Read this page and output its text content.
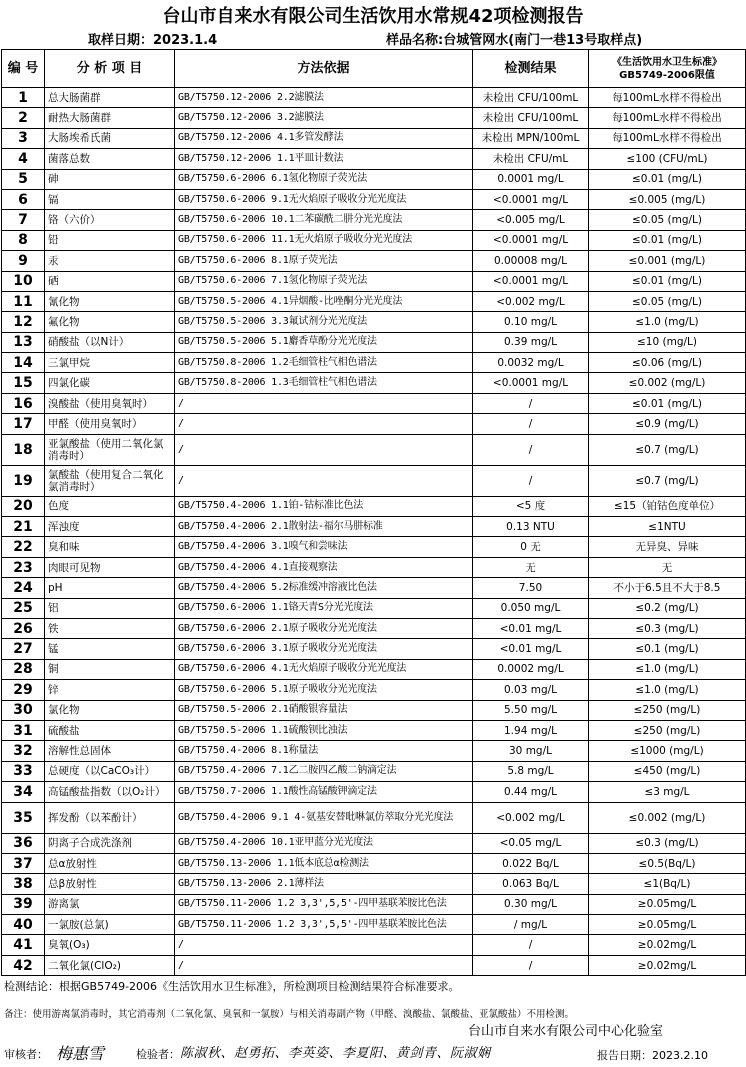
台山市自来水有限公司生活饮用水常规42项检测报告
取样日期：2023.1.4	样品名称:台城管网水(南门一巷13号取样点)
编 号	分 析 项 目	方法依据	检测结果	《生活饮用水卫生标准》GB5749-2006限值
1	总大肠菌群	GB/T5750.12-2006 2.2滤膜法	未检出 CFU/100mL	每100mL水样不得检出
2	耐热大肠菌群	GB/T5750.12-2006 3.2滤膜法	未检出 CFU/100mL	每100mL水样不得检出
3	大肠埃希氏菌	GB/T5750.12-2006 4.1多管发酵法	未检出 MPN/100mL	每100mL水样不得检出
4	菌落总数	GB/T5750.12-2006 1.1平皿计数法	未检出 CFU/mL	≤100 (CFU/mL)
5	砷	GB/T5750.6-2006 6.1氢化物原子荧光法	0.0001 mg/L	≤0.01 (mg/L)
6	镉	GB/T5750.6-2006 9.1无火焰原子吸收分光光度法	<0.0001 mg/L	≤0.005 (mg/L)
7	铬（六价）	GB/T5750.6-2006 10.1二苯碳酰二肼分光光度法	<0.005 mg/L	≤0.05 (mg/L)
8	铅	GB/T5750.6-2006 11.1无火焰原子吸收分光光度法	<0.0001 mg/L	≤0.01 (mg/L)
9	汞	GB/T5750.6-2006 8.1原子荧光法	0.00008 mg/L	≤0.001 (mg/L)
10	硒	GB/T5750.6-2006 7.1氢化物原子荧光法	<0.0001 mg/L	≤0.01 (mg/L)
11	氰化物	GB/T5750.5-2006 4.1异烟酸-比唑酮分光光度法	<0.002 mg/L	≤0.05 (mg/L)
12	氟化物	GB/T5750.5-2006 3.3氟试剂分光光度法	0.10 mg/L	≤1.0 (mg/L)
13	硝酸盐（以N计）	GB/T5750.5-2006 5.1麝香草酚分光光度法	0.39 mg/L	≤10 (mg/L)
14	三氯甲烷	GB/T5750.8-2006 1.2毛细管柱气相色谱法	0.0032 mg/L	≤0.06 (mg/L)
15	四氯化碳	GB/T5750.8-2006 1.3毛细管柱气相色谱法	<0.0001 mg/L	≤0.002 (mg/L)
16	溴酸盐（使用臭氧时）	/	/	≤0.01 (mg/L)
17	甲醛（使用臭氧时）	/	/	≤0.9 (mg/L)
18	亚氯酸盐（使用二氧化氯消毒时）	/	/	≤0.7 (mg/L)
19	氯酸盐（使用复合二氧化氯消毒时）	/	/	≤0.7 (mg/L)
20	色度	GB/T5750.4-2006 1.1铂-钴标准比色法	<5 度	≤15（铂钴色度单位）
21	浑浊度	GB/T5750.4-2006 2.1散射法-福尔马肼标准	0.13 NTU	≤1NTU
22	臭和味	GB/T5750.4-2006 3.1嗅气和尝味法	0 无	无异臭、异味
23	肉眼可见物	GB/T5750.4-2006 4.1直接观察法	无	无
24	pH	GB/T5750.4-2006 5.2标准缓冲溶液比色法	7.50	不小于6.5且不大于8.5
25	铝	GB/T5750.6-2006 1.1铬天青S分光光度法	0.050 mg/L	≤0.2 (mg/L)
26	铁	GB/T5750.6-2006 2.1原子吸收分光光度法	<0.01 mg/L	≤0.3 (mg/L)
27	锰	GB/T5750.6-2006 3.1原子吸收分光光度法	<0.01 mg/L	≤0.1 (mg/L)
28	铜	GB/T5750.6-2006 4.1无火焰原子吸收分光光度法	0.0002 mg/L	≤1.0 (mg/L)
29	锌	GB/T5750.6-2006 5.1原子吸收分光光度法	0.03 mg/L	≤1.0 (mg/L)
30	氯化物	GB/T5750.5-2006 2.1硝酸银容量法	5.50 mg/L	≤250 (mg/L)
31	硫酸盐	GB/T5750.5-2006 1.1硫酸钡比浊法	1.94 mg/L	≤250 (mg/L)
32	溶解性总固体	GB/T5750.4-2006 8.1称量法	30 mg/L	≤1000 (mg/L)
33	总硬度（以CaCO₃计）	GB/T5750.4-2006 7.1乙二胺四乙酸二钠滴定法	5.8 mg/L	≤450 (mg/L)
34	高锰酸盐指数（以O₂计）	GB/T5750.7-2006 1.1酸性高锰酸钾滴定法	0.44 mg/L	≤3 mg/L
35	挥发酚（以苯酚计）	GB/T5750.4-2006 9.1 4-氨基安替吡啉氯仿萃取分光光度法	<0.002 mg/L	≤0.002 (mg/L)
36	阴离子合成洗涤剂	GB/T5750.4-2006 10.1亚甲蓝分光光度法	<0.05 mg/L	≤0.3 (mg/L)
37	总α放射性	GB/T5750.13-2006 1.1低本底总α检测法	0.022 Bq/L	≤0.5(Bq/L)
38	总β放射性	GB/T5750.13-2006 2.1薄样法	0.063 Bq/L	≤1(Bq/L)
39	游离氯	GB/T5750.11-2006 1.2 3,3',5,5'-四甲基联苯胺比色法	0.30 mg/L	≥0.05mg/L
40	一氯胺(总氯)	GB/T5750.11-2006 1.2 3,3',5,5'-四甲基联苯胺比色法	/ mg/L	≥0.05mg/L
41	臭氧(O₃)	/	/	≥0.02mg/L
42	二氧化氯(ClO₂)	/	/	≥0.02mg/L
检测结论：根据GB5749-2006《生活饮用水卫生标准》，所检测项目检测结果符合标准要求。
备注：使用游离氯消毒时，其它消毒剂（二氧化氯、臭氧和一氯胺）与相关消毒副产物（甲醛、溴酸盐、氯酸盐、亚氯酸盐）不用检测。
台山市自来水有限公司中心化验室
审核者： 梅惠雪	检验者： 陈淑秋、赵勇拓、李英姿、李夏阳、黄剑青、阮淑娴	报告日期：2023.2.10
